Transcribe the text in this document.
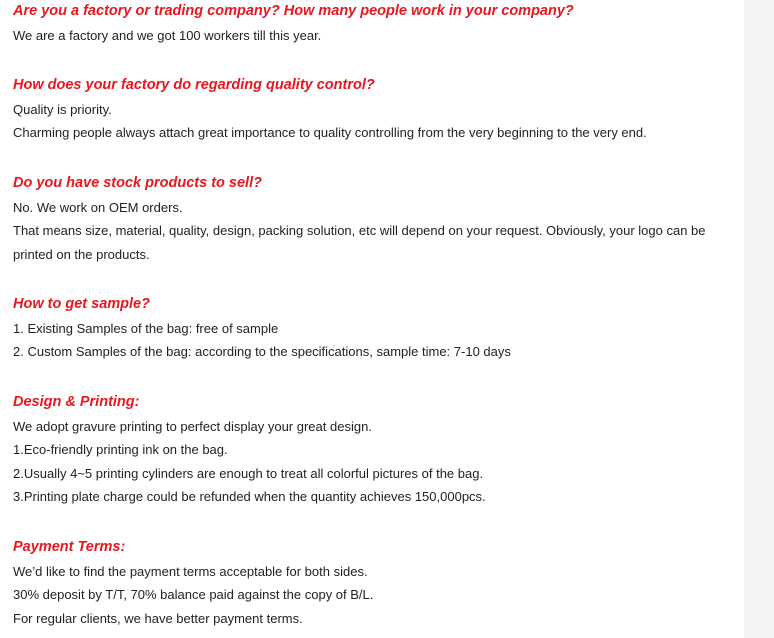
Are you a factory or trading company? How many people work in your company?

We are a factory and we got 100 workers till this year.

How does your factory do regarding quality control?

Quality is priority.
Charming people always attach great importance to quality controlling from the very beginning to the very end.

Do you have stock products to sell?

No. We work on OEM orders.
That means size, material, quality, design, packing solution, etc will depend on your request. Obviously, your logo can be printed on the products.

How to get sample?

1. Existing Samples of the bag: free of sample
2. Custom Samples of the bag: according to the specifications, sample time: 7-10 days

Design & Printing:

We adopt gravure printing to perfect display your great design.
1.Eco-friendly printing ink on the bag.
2.Usually 4~5 printing cylinders are enough to treat all colorful pictures of the bag.
3.Printing plate charge could be refunded when the quantity achieves 150,000pcs.

Payment Terms:

We’d like to find the payment terms acceptable for both sides.
30% deposit by T/T, 70% balance paid against the copy of B/L.
For regular clients, we have better payment terms.
